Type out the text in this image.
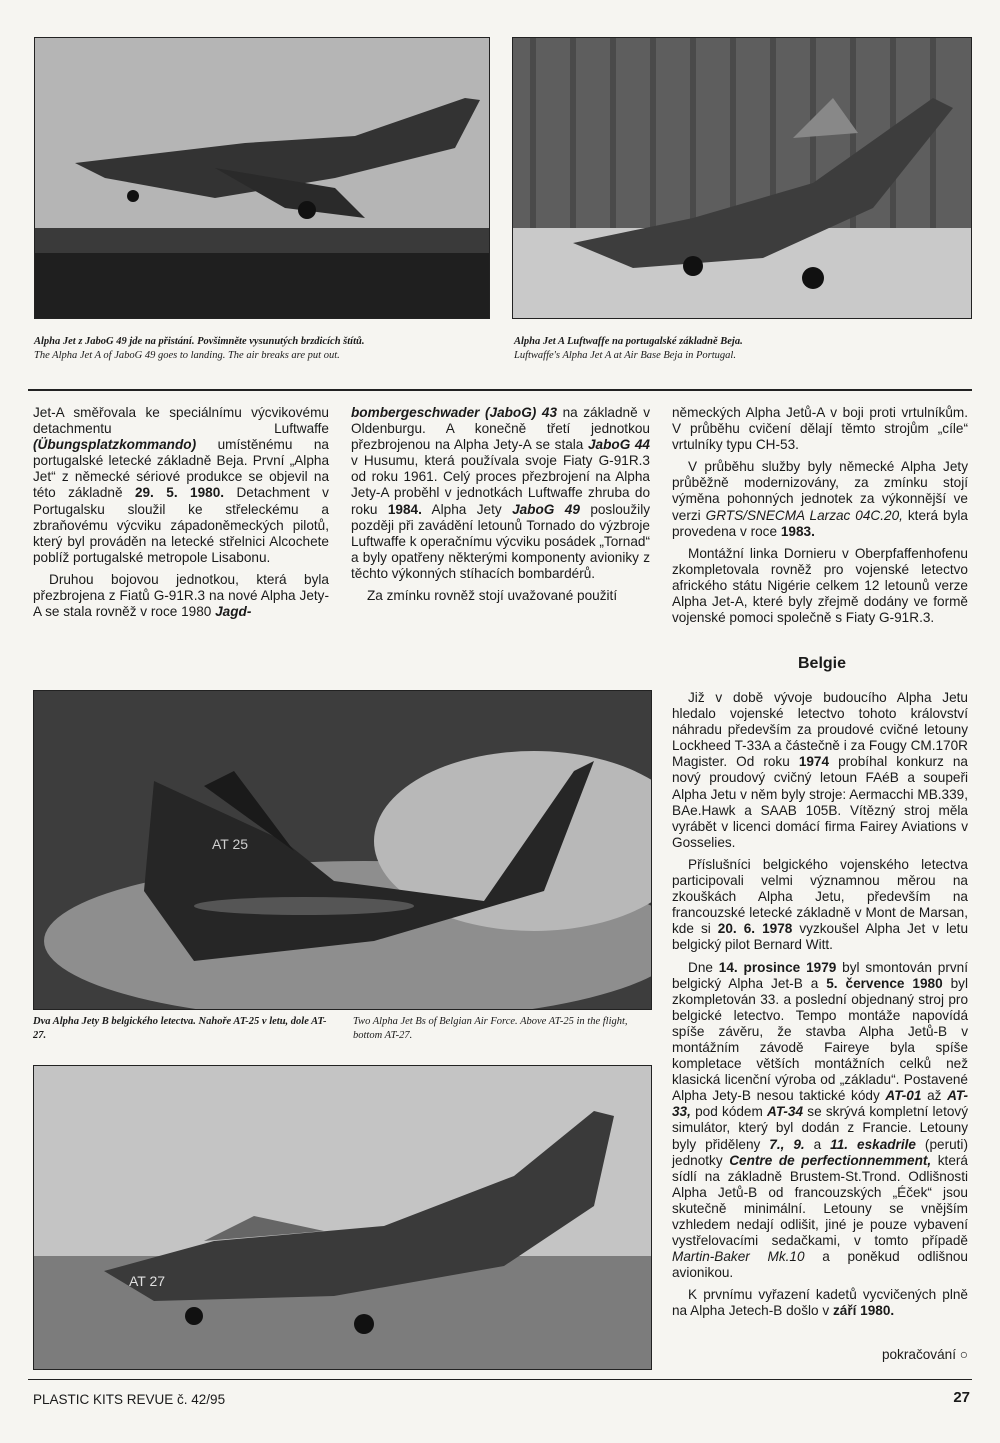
Alpha Jet z JaboG 49 jde na přistání. Povšimněte vysunutých brzdicích štítů.
The Alpha Jet A of JaboG 49 goes to landing. The air breaks are put out.
Alpha Jet A Luftwaffe na portugalské základně Beja.
Luftwaffe's Alpha Jet A at Air Base Beja in Portugal.

Jet-A směřovala ke speciálnímu výcvikovému detachmentu Luftwaffe (Übungsplatzkommando) umístěnému na portugalské letecké základně Beja. První „Alpha Jet“ z německé sériové produkce se objevil na této základně 29. 5. 1980. Detachment v Portugalsku sloužil ke střeleckému a zbraňovému výcviku západoněmeckých pilotů, který byl prováděn na letecké střelnici Alcochete poblíž portugalské metropole Lisabonu.

Druhou bojovou jednotkou, která byla přezbrojena z Fiatů G-91R.3 na nové Alpha Jety-A se stala rovněž v roce 1980 Jagd-

bombergeschwader (JaboG) 43 na základně v Oldenburgu. A konečně třetí jednotkou přezbrojenou na Alpha Jety-A se stala JaboG 44 v Husumu, která používala svoje Fiaty G-91R.3 od roku 1961. Celý proces přezbrojení na Alpha Jety-A proběhl v jednotkách Luftwaffe zhruba do roku 1984. Alpha Jety JaboG 49 posloužily později při zavádění letounů Tornado do výzbroje Luftwaffe k operačnímu výcviku posádek „Tornad“ a byly opatřeny některými komponenty avioniky z těchto výkonných stíhacích bombardérů.

Za zmínku rovněž stojí uvažované použití

německých Alpha Jetů-A v boji proti vrtulníkům. V průběhu cvičení dělají těmto strojům „cíle“ vrtulníky typu CH-53.

V průběhu služby byly německé Alpha Jety průběžně modernizovány, za zmínku stojí výměna pohonných jednotek za výkonnější ve verzi GRTS/SNECMA Larzac 04C.20, která byla provedena v roce 1983.

Montážní linka Dornieru v Oberpfaffenhofenu zkompletovala rovněž pro vojenské letectvo afrického státu Nigérie celkem 12 letounů verze Alpha Jet-A, které byly zřejmě dodány ve formě vojenské pomoci společně s Fiaty G-91R.3.

Belgie
AT 25
Dva Alpha Jety B belgického letectva. Nahoře AT-25 v letu, dole AT- 27.
Two Alpha Jet Bs of Belgian Air Force. Above AT-25 in the flight, bottom AT-27.
AT 27

Již v době vývoje budoucího Alpha Jetu hledalo vojenské letectvo tohoto království náhradu především za proudové cvičné letouny Lockheed T-33A a částečně i za Fougy CM.170R Magister. Od roku 1974 probíhal konkurz na nový proudový cvičný letoun FAéB a soupeři Alpha Jetu v něm byly stroje: Aermacchi MB.339, BAe.Hawk a SAAB 105B. Vítězný stroj měla vyrábět v licenci domácí firma Fairey Aviations v Gosselies.

Příslušníci belgického vojenského letectva participovali velmi významnou měrou na zkouškách Alpha Jetu, především na francouzské letecké základně v Mont de Marsan, kde si 20. 6. 1978 vyzkoušel Alpha Jet v letu belgický pilot Bernard Witt.

Dne 14. prosince 1979 byl smontován první belgický Alpha Jet-B a 5. července 1980 byl zkompletován 33. a poslední objednaný stroj pro belgické letectvo. Tempo montáže napovídá spíše závěru, že stavba Alpha Jetů-B v montážním závodě Faireye byla spíše kompletace větších montážních celků než klasická licenční výroba od „základu“. Postavené Alpha Jety-B nesou taktické kódy AT-01 až AT-33, pod kódem AT-34 se skrývá kompletní letový simulátor, který byl dodán z Francie. Letouny byly přiděleny 7., 9. a 11. eskadrile (peruti) jednotky Centre de perfectionnemment, která sídlí na základně Brustem-St.Trond. Odlišnosti Alpha Jetů-B od francouzských „Éček“ jsou skutečně minimální. Letouny se vnějším vzhledem nedají odlišit, jiné je pouze vybavení vystřelovacími sedačkami, v tomto případě Martin-Baker Mk.10 a poněkud odlišnou avionikou.

K prvnímu vyřazení kadetů vycvičených plně na Alpha Jetech-B došlo v září 1980.

pokračování ○
PLASTIC KITS REVUE č. 42/95	27
